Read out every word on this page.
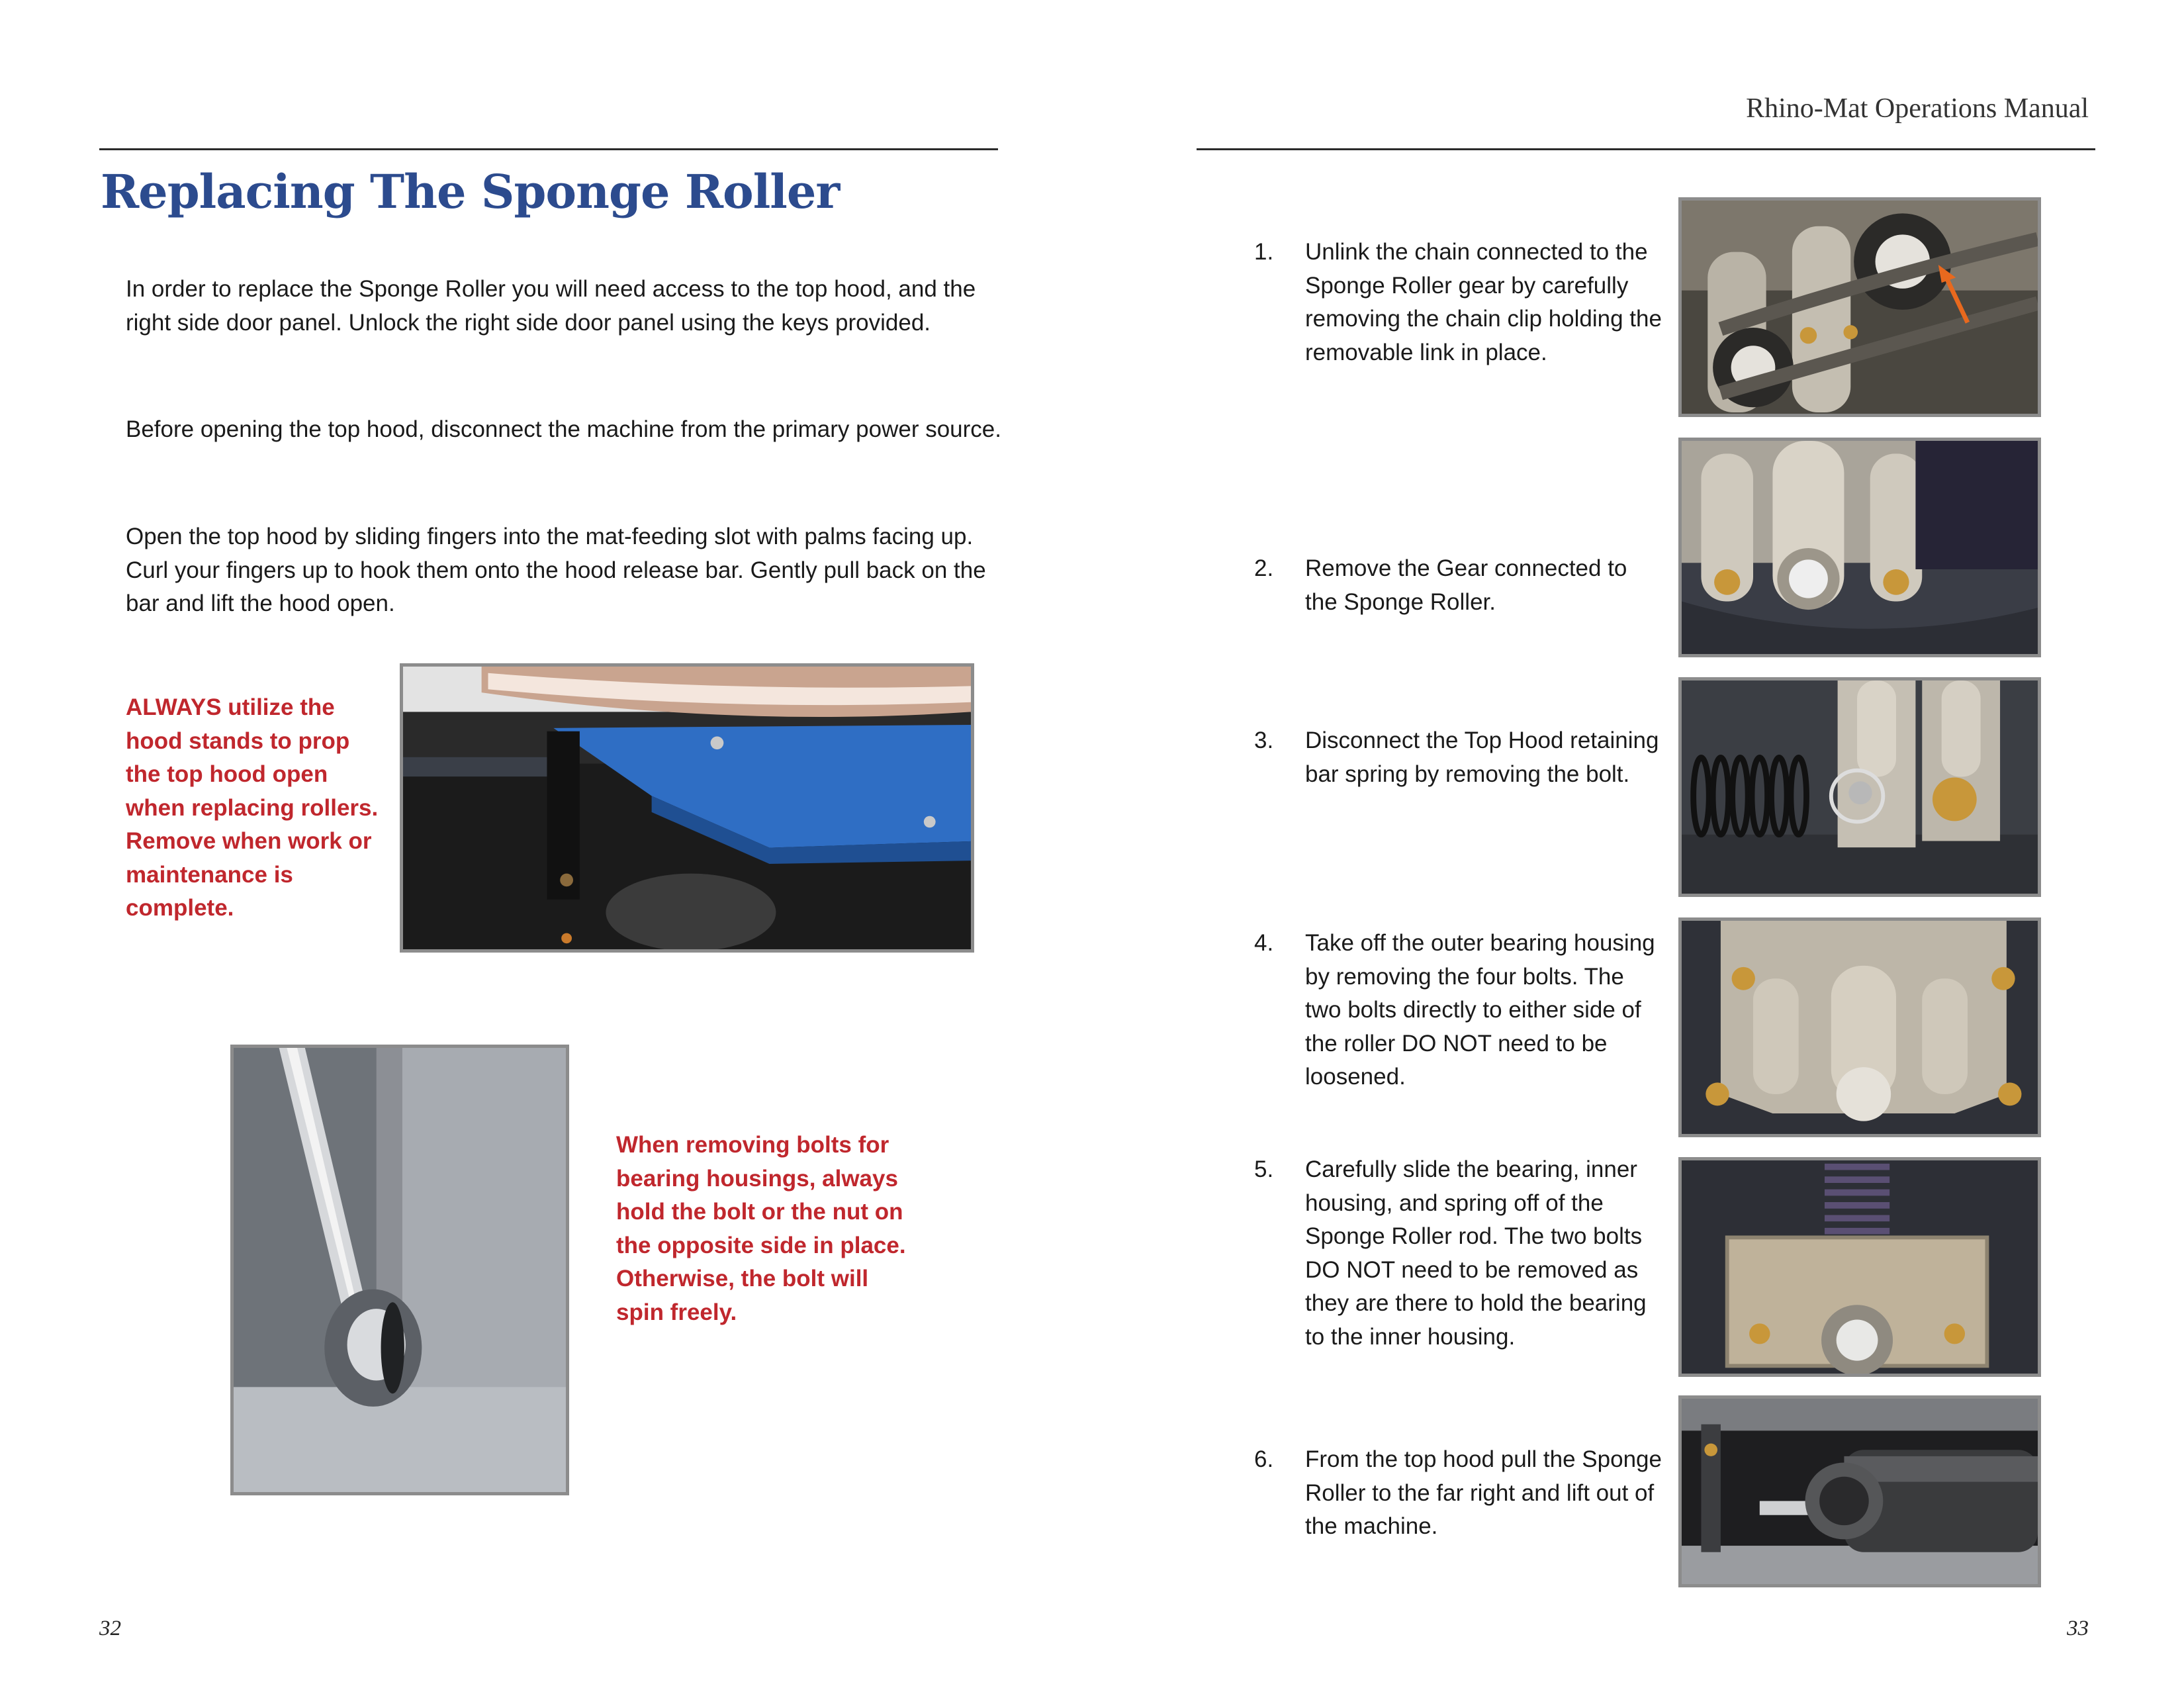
Rhino-Mat Operations Manual
Replacing The Sponge Roller

In order to replace the Sponge Roller you will need access to the top hood, and the right side door panel. Unlock the right side door panel using the keys provided.

Before opening the top hood, disconnect the machine from the primary power source.

Open the top hood by sliding fingers into the mat-feeding slot with palms facing up. Curl your fingers up to hook them onto the hood release bar. Gently pull back on the bar and lift the hood open.

ALWAYS utilize the hood stands to prop the top hood open when replacing rollers. Remove when work or maintenance is complete.

When removing bolts for bearing housings, always hold the bolt or the nut on the opposite side in place. Otherwise, the bolt will spin freely.

32
1.	Unlink the chain connected to the Sponge Roller gear by carefully removing the chain clip holding the removable link in place.

2.	Remove the Gear connected to the Sponge Roller.

3.	Disconnect the Top Hood retaining bar spring by removing the bolt.

4.	Take off the outer bearing housing by removing the four bolts. The two bolts directly to either side of the roller DO NOT need to be loosened.

5.	Carefully slide the bearing, inner housing, and spring off of the Sponge Roller rod. The two bolts DO NOT need to be removed as they are there to hold the bearing to the inner housing.

6.	From the top hood pull the Sponge Roller to the far right and lift out of the machine.

33
